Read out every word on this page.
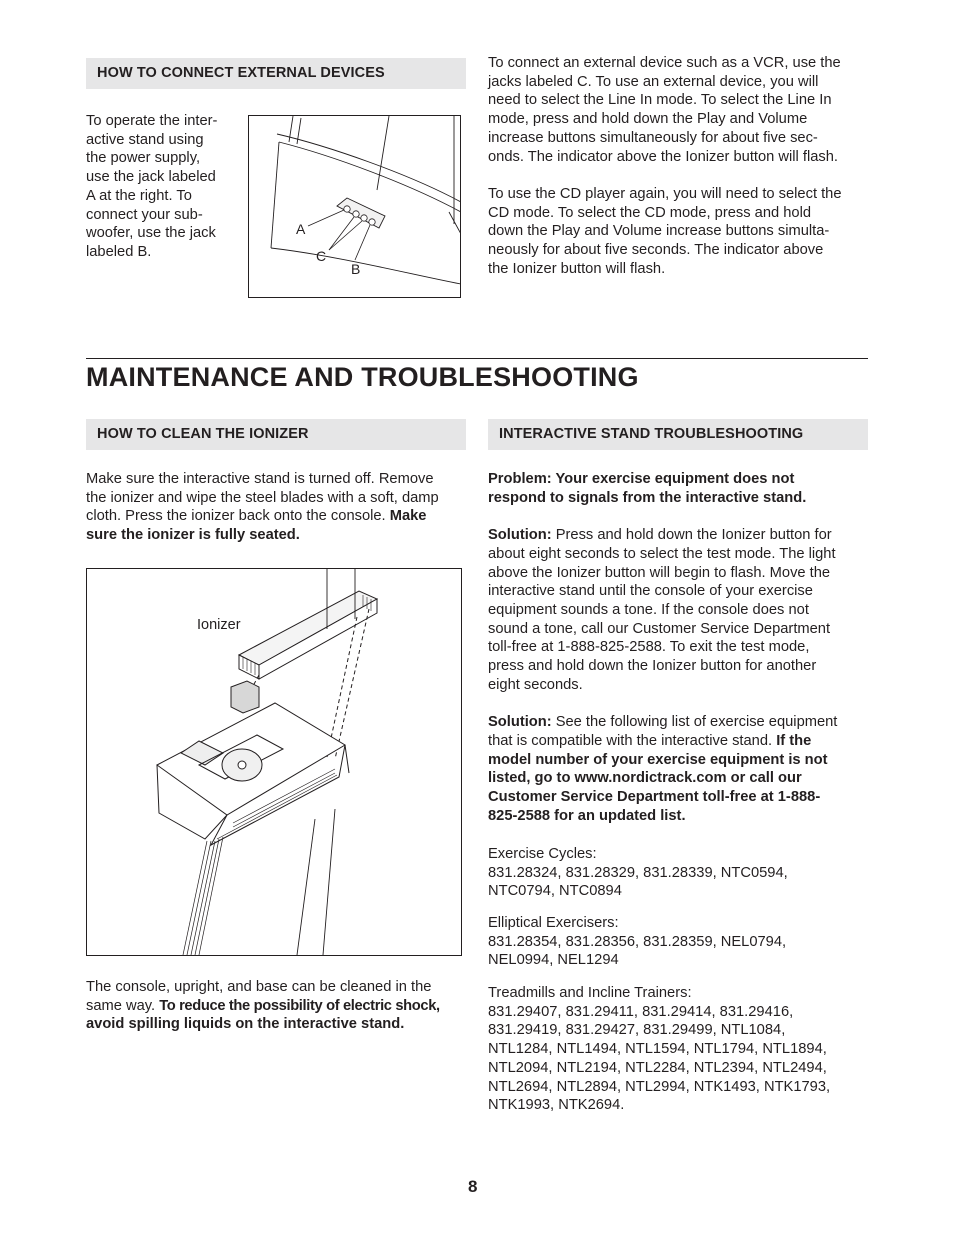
HOW TO CONNECT EXTERNAL DEVICES

To operate the inter-

active stand using

the power supply,

use the jack labeled

A at the right. To

connect your sub-

woofer, use the jack

labeled B.

A
C
B

To connect an external device such as a VCR, use the

jacks labeled C. To use an external device, you will

need to select the Line In mode. To select the Line In

mode, press and hold down the Play and Volume

increase buttons simultaneously for about five sec-

onds. The indicator above the Ionizer button will flash.

To use the CD player again, you will need to select the

CD mode. To select the CD mode, press and hold

down the Play and Volume increase buttons simulta-

neously for about five seconds. The indicator above

the Ionizer button will flash.

MAINTENANCE AND TROUBLESHOOTING
HOW TO CLEAN THE IONIZER

Make sure the interactive stand is turned off. Remove

the ionizer and wipe the steel blades with a soft, damp

cloth. Press the ionizer back onto the console. Make

sure the ionizer is fully seated.

Ionizer

The console, upright, and base can be cleaned in the

same way. To reduce the possibility of electric shock,

avoid spilling liquids on the interactive stand.

INTERACTIVE STAND TROUBLESHOOTING

Problem: Your exercise equipment does not

respond to signals from the interactive stand.

Solution: Press and hold down the Ionizer button for

about eight seconds to select the test mode. The light

above the Ionizer button will begin to flash. Move the

interactive stand until the console of your exercise

equipment sounds a tone. If the console does not

sound a tone, call our Customer Service Department

toll-free at 1-888-825-2588. To exit the test mode,

press and hold down the Ionizer button for another

eight seconds.

Solution: See the following list of exercise equipment

that is compatible with the interactive stand. If the

model number of your exercise equipment is not

listed, go to www.nordictrack.com or call our

Customer Service Department toll-free at 1-888-

825-2588 for an updated list.

Exercise Cycles:

831.28324, 831.28329, 831.28339, NTC0594,

NTC0794, NTC0894

Elliptical Exercisers:

831.28354, 831.28356, 831.28359, NEL0794,

NEL0994, NEL1294

Treadmills and Incline Trainers:

831.29407, 831.29411, 831.29414, 831.29416,

831.29419, 831.29427, 831.29499, NTL1084,

NTL1284, NTL1494, NTL1594, NTL1794, NTL1894,

NTL2094, NTL2194, NTL2284, NTL2394, NTL2494,

NTL2694, NTL2894, NTL2994, NTK1493, NTK1793,

NTK1993, NTK2694.

8
